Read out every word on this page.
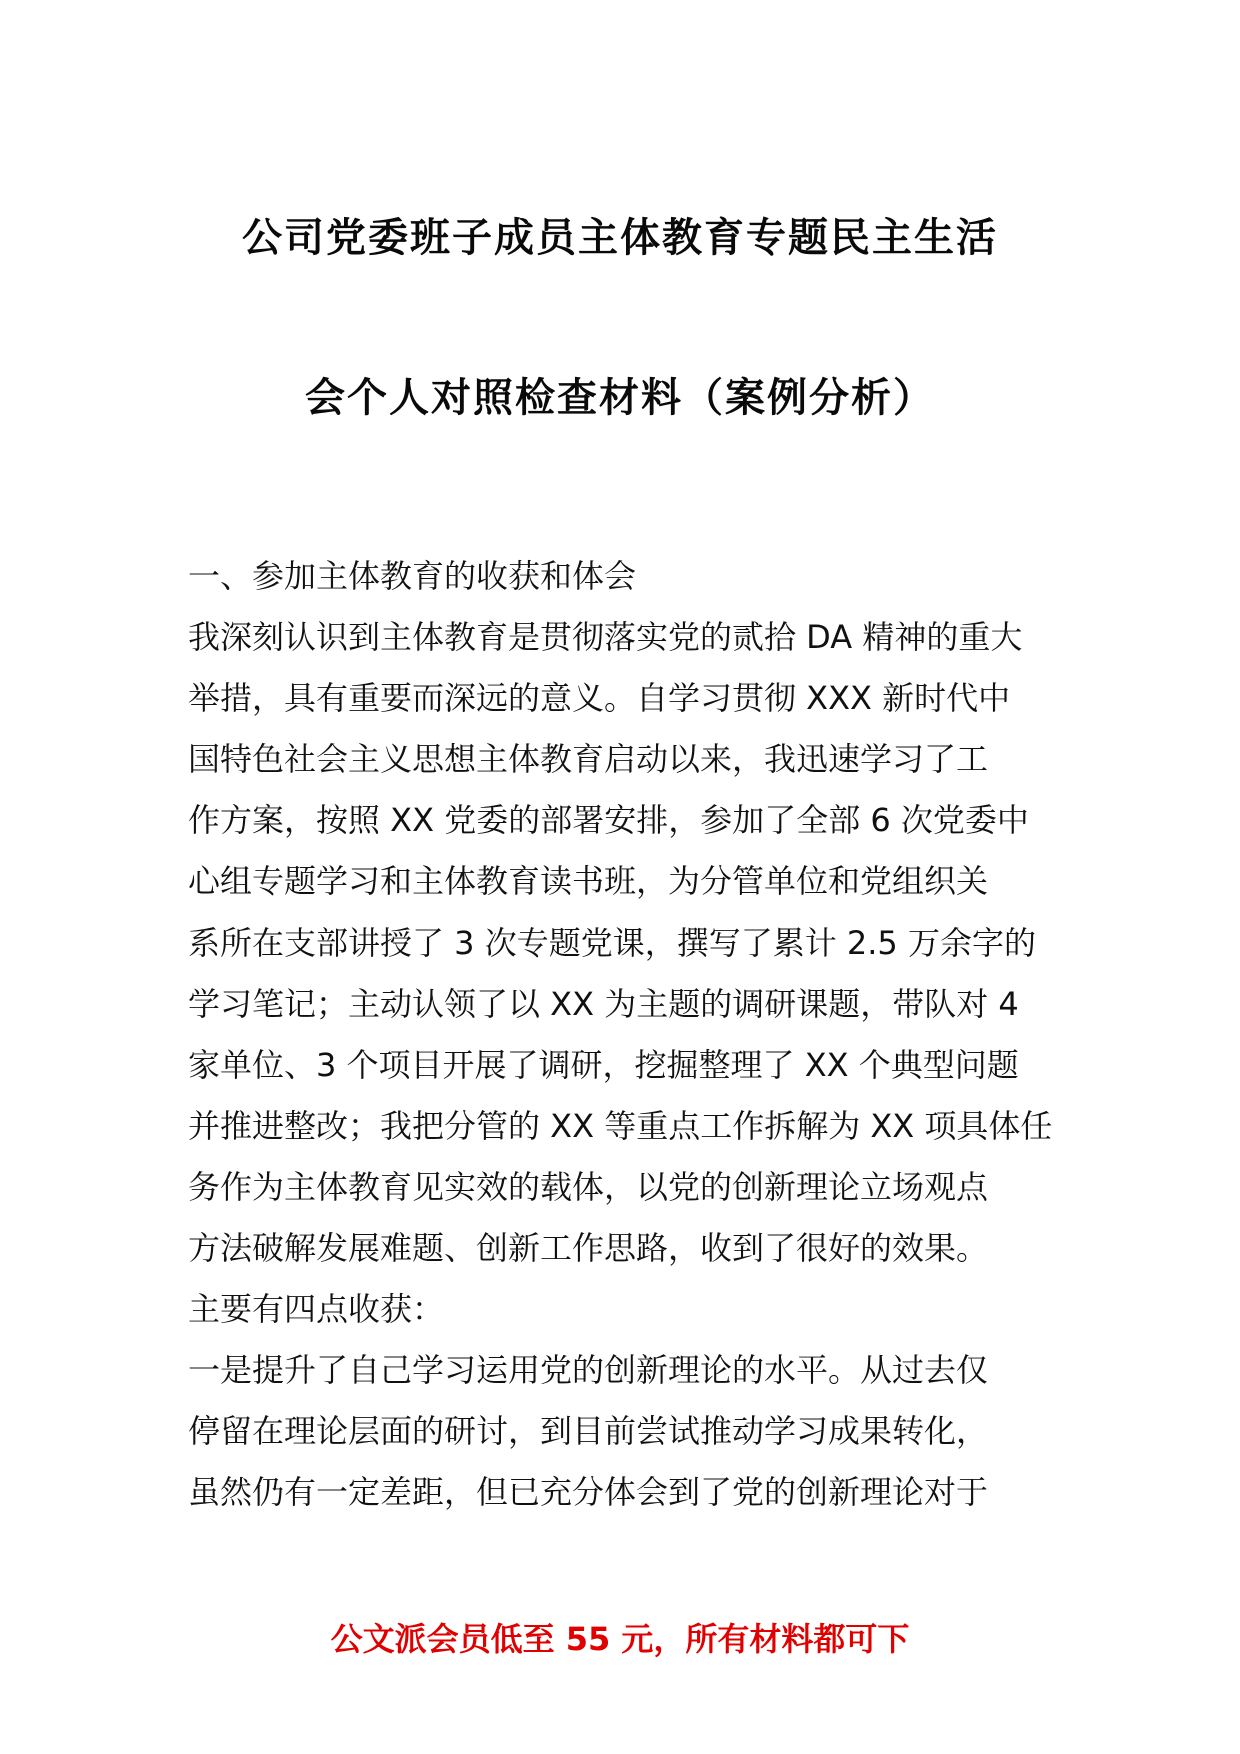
公司党委班子成员主体教育专题民主生活
会个人对照检查材料（案例分析）
一、参加主体教育的收获和体会
我深刻认识到主体教育是贯彻落实党的贰拾 DA 精神的重大
举措，具有重要而深远的意义。自学习贯彻 XXX 新时代中
国特色社会主义思想主体教育启动以来，我迅速学习了工
作方案，按照 XX 党委的部署安排，参加了全部 6 次党委中
心组专题学习和主体教育读书班，为分管单位和党组织关
系所在支部讲授了 3 次专题党课，撰写了累计 2.5 万余字的
学习笔记；主动认领了以 XX 为主题的调研课题，带队对 4
家单位、3 个项目开展了调研，挖掘整理了 XX 个典型问题
并推进整改；我把分管的 XX 等重点工作拆解为 XX 项具体任
务作为主体教育见实效的载体，以党的创新理论立场观点
方法破解发展难题、创新工作思路，收到了很好的效果。
主要有四点收获：
一是提升了自己学习运用党的创新理论的水平。从过去仅
停留在理论层面的研讨，到目前尝试推动学习成果转化，
虽然仍有一定差距，但已充分体会到了党的创新理论对于
公文派会员低至 55 元，所有材料都可下
